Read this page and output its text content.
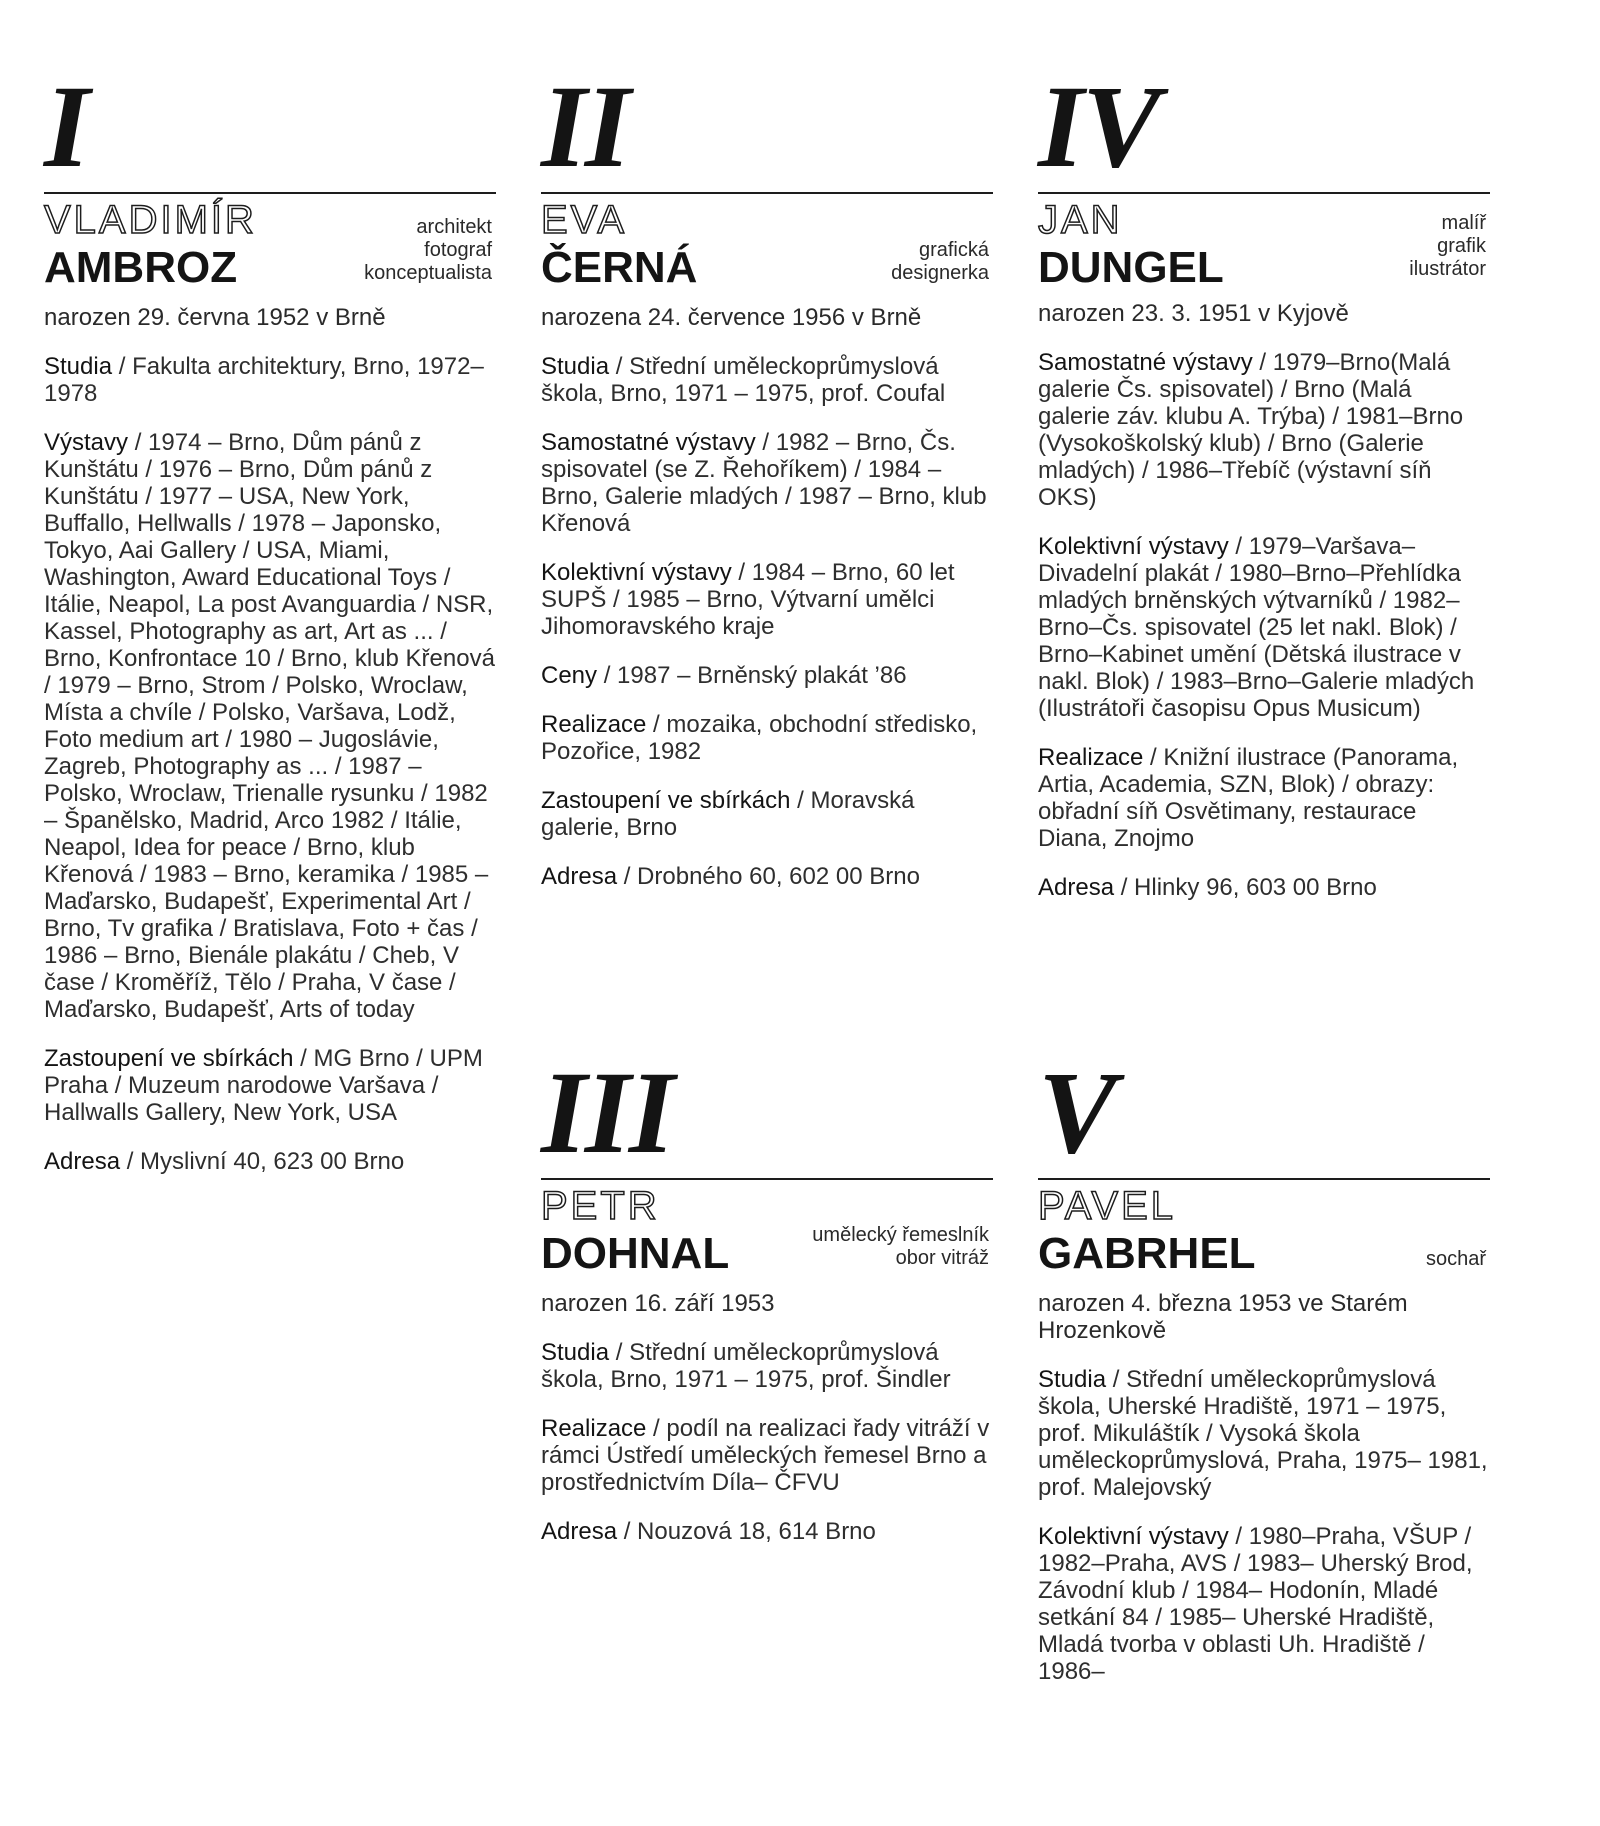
I
VLADIMÍR
AMBROZ
architekt
fotograf
konceptualista
narozen 29. června 1952 v Brně
Studia / Fakulta architektury, Brno, 1972–1978
Výstavy / 1974 – Brno, Dům pánů z Kunštátu / 1976 – Brno, Dům pánů z Kunštátu / 1977 – USA, New York, Buffallo, Hellwalls / 1978 – Japonsko, Tokyo, Aai Gallery / USA, Miami, Washington, Award Educational Toys / Itálie, Neapol, La post Avanguardia / NSR, Kassel, Photography as art, Art as ... / Brno, Konfrontace 10 / Brno, klub Křenová / 1979 – Brno, Strom / Polsko, Wroclaw, Místa a chvíle / Polsko, Varšava, Lodž, Foto medium art / 1980 – Jugoslávie, Zagreb, Photography as ... / 1987 – Polsko, Wroclaw, Trienalle rysunku / 1982 – Španělsko, Madrid, Arco 1982 / Itálie, Neapol, Idea for peace / Brno, klub Křenová / 1983 – Brno, keramika / 1985 – Maďarsko, Budapešť, Experimental Art / Brno, Tv grafika / Bratislava, Foto + čas / 1986 – Brno, Bienále plakátu / Cheb, V čase / Kroměříž, Tělo / Praha, V čase / Maďarsko, Budapešť, Arts of today
Zastoupení ve sbírkách / MG Brno / UPM Praha / Muzeum narodowe Varšava / Hallwalls Gallery, New York, USA
Adresa / Myslivní 40, 623 00 Brno
II
EVA
ČERNÁ	grafická
designerka
narozena 24. července 1956 v Brně
Studia / Střední uměleckoprůmyslová škola, Brno, 1971 – 1975, prof. Coufal
Samostatné výstavy / 1982 – Brno, Čs. spisovatel (se Z. Řehoříkem) / 1984 – Brno, Galerie mladých / 1987 – Brno, klub Křenová
Kolektivní výstavy / 1984 – Brno, 60 let SUPŠ / 1985 – Brno, Výtvarní umělci Jihomoravského kraje
Ceny / 1987 – Brněnský plakát ’86
Realizace / mozaika, obchodní středisko, Pozořice, 1982
Zastoupení ve sbírkách / Moravská galerie, Brno
Adresa / Drobného 60, 602 00 Brno
III
PETR
DOHNAL	umělecký řemeslník
obor vitráž
narozen 16. září 1953
Studia / Střední uměleckoprůmyslová škola, Brno, 1971 – 1975, prof. Šindler
Realizace / podíl na realizaci řady vitráží v rámci Ústředí uměleckých řemesel Brno a prostřednictvím Díla– ČFVU
Adresa / Nouzová 18, 614 Brno
IV
JAN
DUNGEL
malíř
grafik
ilustrátor
narozen 23. 3. 1951 v Kyjově
Samostatné výstavy / 1979–Brno(Malá galerie Čs. spisovatel) / Brno (Malá galerie záv. klubu A. Trýba) / 1981–Brno (Vysokoškolský klub) / Brno (Galerie mladých) / 1986–Třebíč (výstavní síň OKS)
Kolektivní výstavy / 1979–Varšava–Divadelní plakát / 1980–Brno–Přehlídka mladých brněnských výtvarníků / 1982–Brno–Čs. spisovatel (25 let nakl. Blok) / Brno–Kabinet umění (Dětská ilustrace v nakl. Blok) / 1983–Brno–Galerie mladých (Ilustrátoři časopisu Opus Musicum)
Realizace / Knižní ilustrace (Panorama, Artia, Academia, SZN, Blok) / obrazy: obřadní síň Osvětimany, restaurace Diana, Znojmo
Adresa / Hlinky 96, 603 00 Brno
V
PAVEL
GABRHEL	sochař
narozen 4. března 1953 ve Starém Hrozenkově
Studia / Střední uměleckoprůmyslová škola, Uherské Hradiště, 1971 – 1975, prof. Mikuláštík / Vysoká škola uměleckoprůmyslová, Praha, 1975– 1981, prof. Malejovský
Kolektivní výstavy / 1980–Praha, VŠUP / 1982–Praha, AVS / 1983– Uherský Brod, Závodní klub / 1984– Hodonín, Mladé setkání 84 / 1985– Uherské Hradiště, Mladá tvorba v oblasti Uh. Hradiště / 1986–
